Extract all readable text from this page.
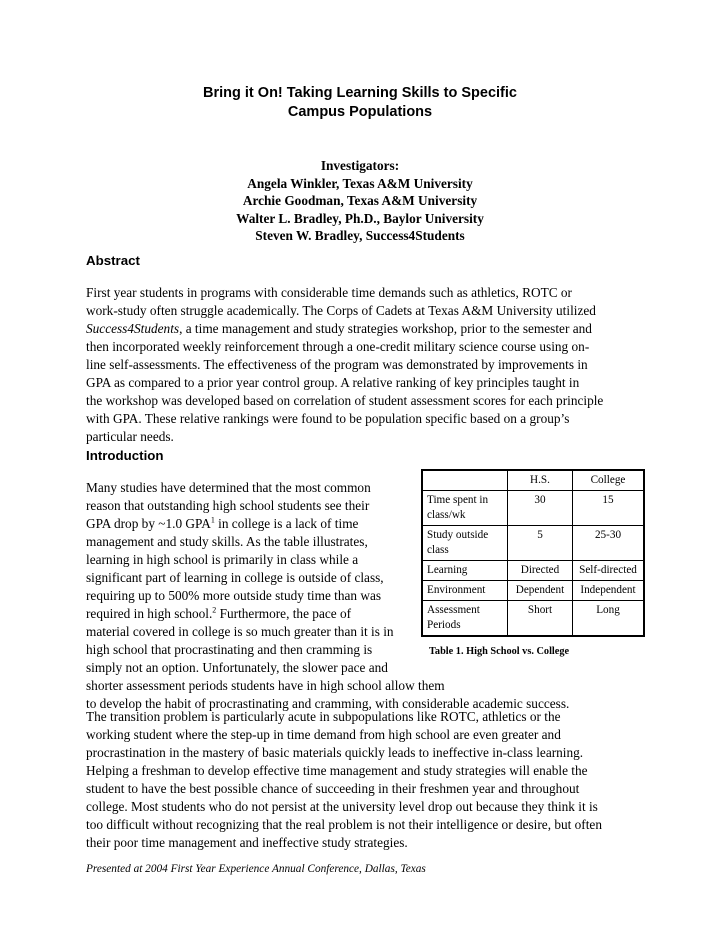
Bring it On! Taking Learning Skills to Specific
Campus Populations
Investigators:
Angela Winkler, Texas A&M University
Archie Goodman, Texas A&M University
Walter L. Bradley, Ph.D., Baylor University
Steven W. Bradley, Success4Students
Abstract
First year students in programs with considerable time demands such as athletics, ROTC or
work-study often struggle academically. The Corps of Cadets at Texas A&M University utilized
Success4Students, a time management and study strategies workshop, prior to the semester and
then incorporated weekly reinforcement through a one-credit military science course using on-
line self-assessments. The effectiveness of the program was demonstrated by improvements in
GPA as compared to a prior year control group. A relative ranking of key principles taught in
the workshop was developed based on correlation of student assessment scores for each principle
with GPA. These relative rankings were found to be population specific based on a group’s
particular needs.
Introduction
Many studies have determined that the most common
reason that outstanding high school students see their
GPA drop by ~1.0 GPA$^1$ in college is a lack of time
management and study skills. As the table illustrates,
learning in high school is primarily in class while a
significant part of learning in college is outside of class,
requiring up to 500% more outside study time than was
required in high school.$^2$ Furthermore, the pace of
material covered in college is so much greater than it is in
high school that procrastinating and then cramming is
simply not an option. Unfortunately, the slower pace and
shorter assessment periods students have in high school allow them
to develop the habit of procrastinating and cramming, with considerable academic success.
	H.S.	College
Time spent in class/wk	30	15
Study outside class	5	25-30
Learning	Directed	Self-directed
Environment	Dependent	Independent
Assessment Periods	Short	Long
Table 1. High School vs. College
The transition problem is particularly acute in subpopulations like ROTC, athletics or the
working student where the step-up in time demand from high school are even greater and
procrastination in the mastery of basic materials quickly leads to ineffective in-class learning.
Helping a freshman to develop effective time management and study strategies will enable the
student to have the best possible chance of succeeding in their freshmen year and throughout
college. Most students who do not persist at the university level drop out because they think it is
too difficult without recognizing that the real problem is not their intelligence or desire, but often
their poor time management and ineffective study strategies.
Presented at 2004 First Year Experience Annual Conference, Dallas, Texas
